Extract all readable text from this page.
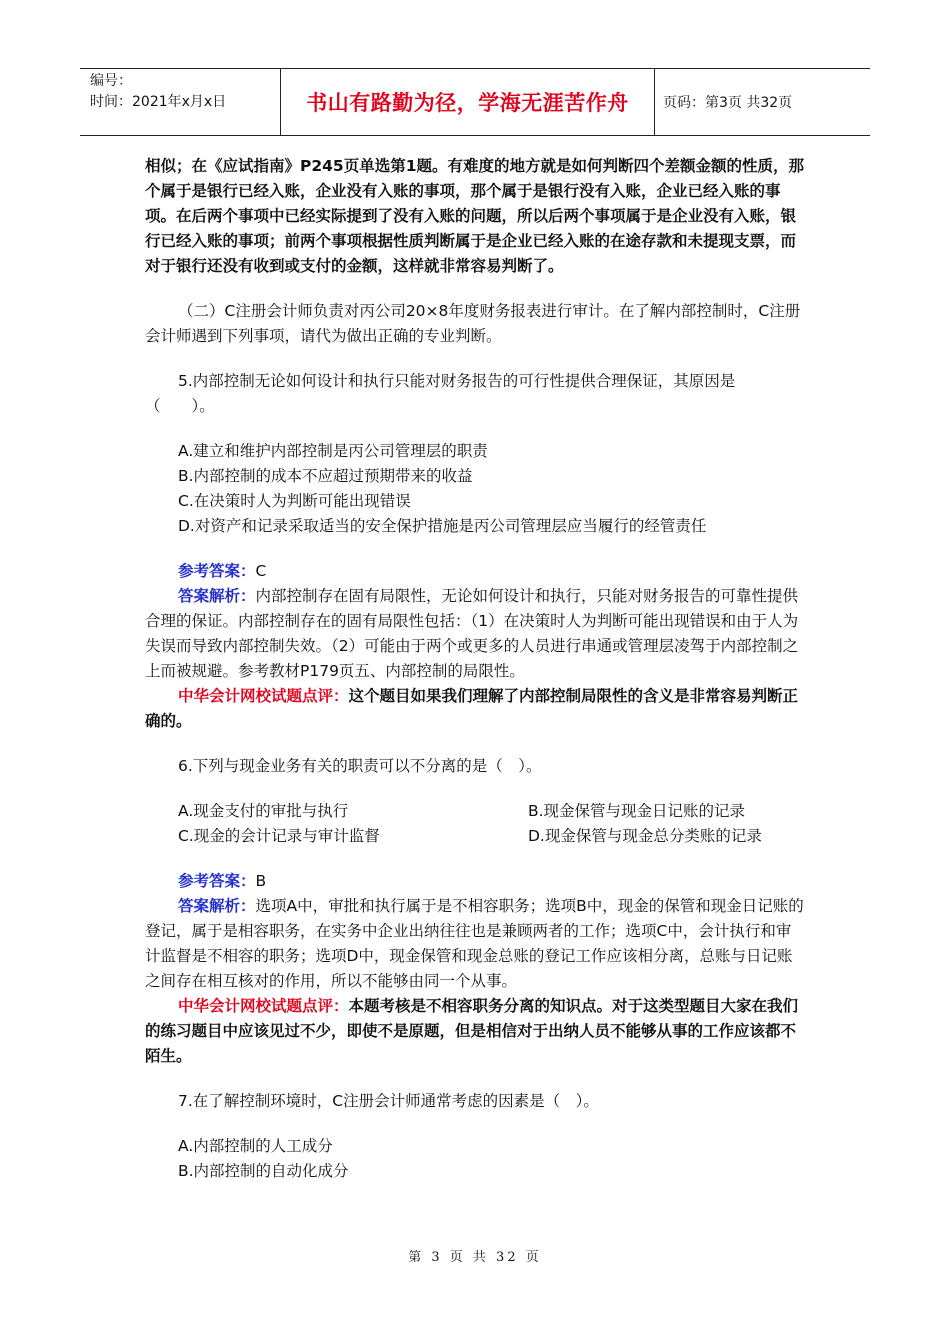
编号：
时间：2021年x月x日	书山有路勤为径，学海无涯苦作舟	页码：第3页 共32页

相似；在《应试指南》P245页单选第1题。有难度的地方就是如何判断四个差额金额的性质，那个属于是银行已经入账，企业没有入账的事项，那个属于是银行没有入账，企业已经入账的事项。在后两个事项中已经实际提到了没有入账的问题，所以后两个事项属于是企业没有入账，银行已经入账的事项；前两个事项根据性质判断属于是企业已经入账的在途存款和未提现支票，而对于银行还没有收到或支付的金额，这样就非常容易判断了。

（二）C注册会计师负责对丙公司20×8年度财务报表进行审计。在了解内部控制时，C注册会计师遇到下列事项，请代为做出正确的专业判断。

5.内部控制无论如何设计和执行只能对财务报告的可行性提供合理保证，其原因是（　　）。

A.建立和维护内部控制是丙公司管理层的职责

B.内部控制的成本不应超过预期带来的收益

C.在决策时人为判断可能出现错误

D.对资产和记录采取适当的安全保护措施是丙公司管理层应当履行的经管责任

参考答案：C

答案解析：内部控制存在固有局限性，无论如何设计和执行，只能对财务报告的可靠性提供合理的保证。内部控制存在的固有局限性包括：（1）在决策时人为判断可能出现错误和由于人为失误而导致内部控制失效。（2）可能由于两个或更多的人员进行串通或管理层凌驾于内部控制之上而被规避。参考教材P179页五、内部控制的局限性。

中华会计网校试题点评：这个题目如果我们理解了内部控制局限性的含义是非常容易判断正确的。

6.下列与现金业务有关的职责可以不分离的是（　）。

A.现金支付的审批与执行	B.现金保管与现金日记账的记录
C.现金的会计记录与审计监督	D.现金保管与现金总分类账的记录

参考答案：B

答案解析：选项A中，审批和执行属于是不相容职务；选项B中，现金的保管和现金日记账的登记，属于是相容职务，在实务中企业出纳往往也是兼顾两者的工作；选项C中，会计执行和审计监督是不相容的职务；选项D中，现金保管和现金总账的登记工作应该相分离，总账与日记账之间存在相互核对的作用，所以不能够由同一个从事。

中华会计网校试题点评：本题考核是不相容职务分离的知识点。对于这类型题目大家在我们的练习题目中应该见过不少，即使不是原题，但是相信对于出纳人员不能够从事的工作应该都不陌生。

7.在了解控制环境时，C注册会计师通常考虑的因素是（　）。

A.内部控制的人工成分

B.内部控制的自动化成分

第 3 页 共 32 页
